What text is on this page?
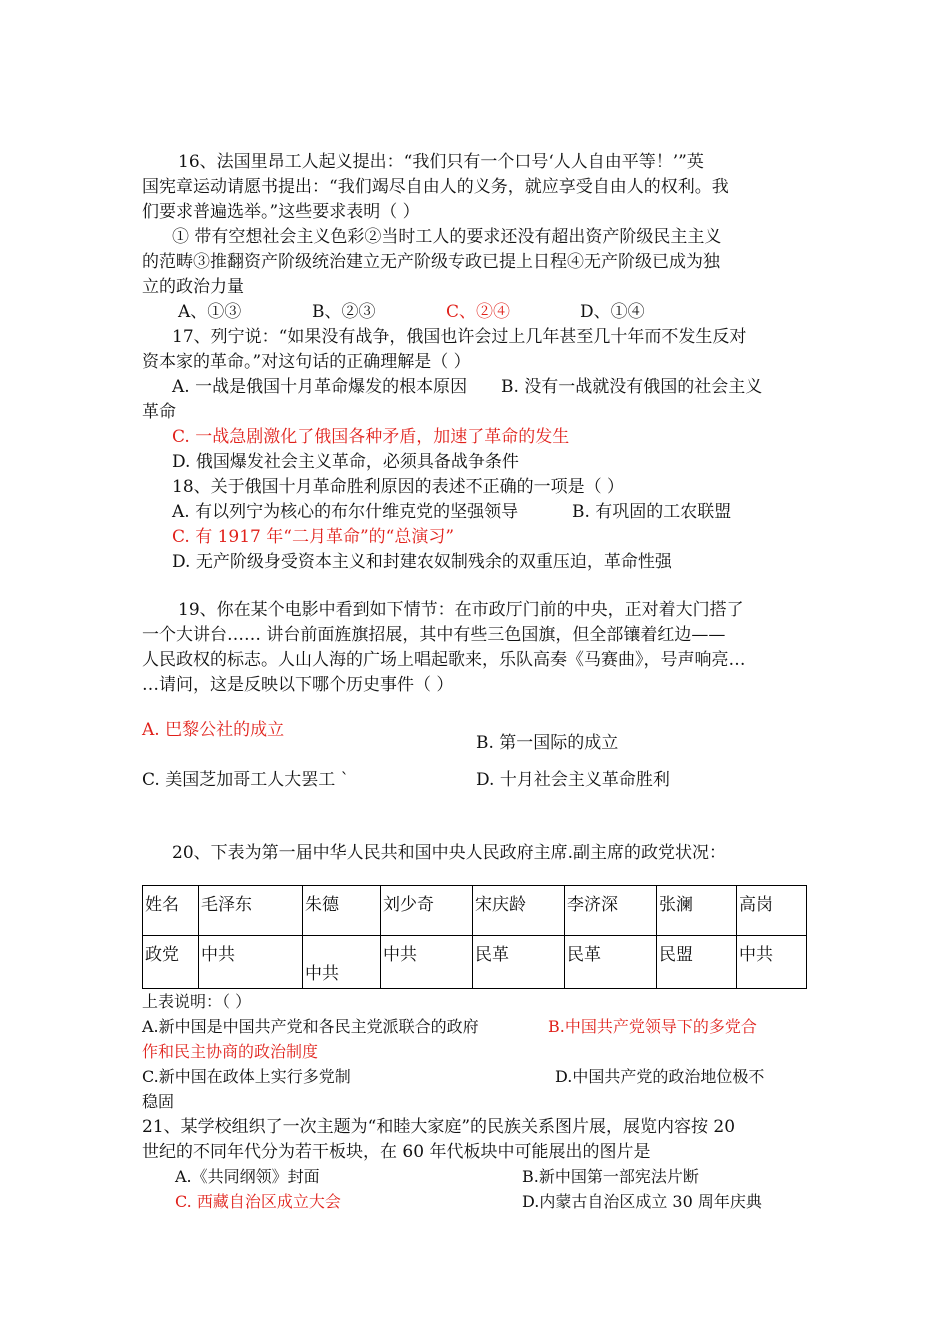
16、法国里昂工人起义提出：“我们只有一个口号‘人人自由平等！’”英
国宪章运动请愿书提出：“我们竭尽自由人的义务，就应享受自由人的权利。我
们要求普遍选举。”这些要求表明（ ）
① 带有空想社会主义色彩②当时工人的要求还没有超出资产阶级民主主义
的范畴③推翻资产阶级统治建立无产阶级专政已提上日程④无产阶级已成为独
立的政治力量
A、①③	B、②③	C、②④	D、①④
17、列宁说：“如果没有战争，俄国也许会过上几年甚至几十年而不发生反对
资本家的革命。”对这句话的正确理解是（ ）
A. 一战是俄国十月革命爆发的根本原因 B. 没有一战就没有俄国的社会主义
革命
C. 一战急剧激化了俄国各种矛盾，加速了革命的发生
D. 俄国爆发社会主义革命，必须具备战争条件
18、关于俄国十月革命胜利原因的表述不正确的一项是（ ）
A. 有以列宁为核心的布尔什维克党的坚强领导	B. 有巩固的工农联盟
C. 有 1917 年“二月革命”的“总演习”
D. 无产阶级身受资本主义和封建农奴制残余的双重压迫，革命性强
19、你在某个电影中看到如下情节：在市政厅门前的中央，正对着大门搭了
一个大讲台…… 讲台前面旌旗招展，其中有些三色国旗，但全部镶着红边——
人民政权的标志。人山人海的广场上唱起歌来，乐队高奏《马赛曲》，号声响亮…
…请问，这是反映以下哪个历史事件（ ）
A. 巴黎公社的成立
B. 第一国际的成立
C. 美国芝加哥工人大罢工 `	D. 十月社会主义革命胜利
20、下表为第一届中华人民共和国中央人民政府主席.副主席的政党状况：
姓名	毛泽东	朱德	刘少奇	宋庆龄	李济深	张澜	高岗
政党	中共	中共	中共	民革	民革	民盟	中共
上表说明：（ ）
A.新中国是中国共产党和各民主党派联合的政府	B.中国共产党领导下的多党合
作和民主协商的政治制度
C.新中国在政体上实行多党制	D.中国共产党的政治地位极不
稳固
21、某学校组织了一次主题为“和睦大家庭”的民族关系图片展，展览内容按 20
世纪的不同年代分为若干板块，在 60 年代板块中可能展出的图片是
A.《共同纲领》封面	B.新中国第一部宪法片断
C. 西藏自治区成立大会	D.内蒙古自治区成立 30 周年庆典
